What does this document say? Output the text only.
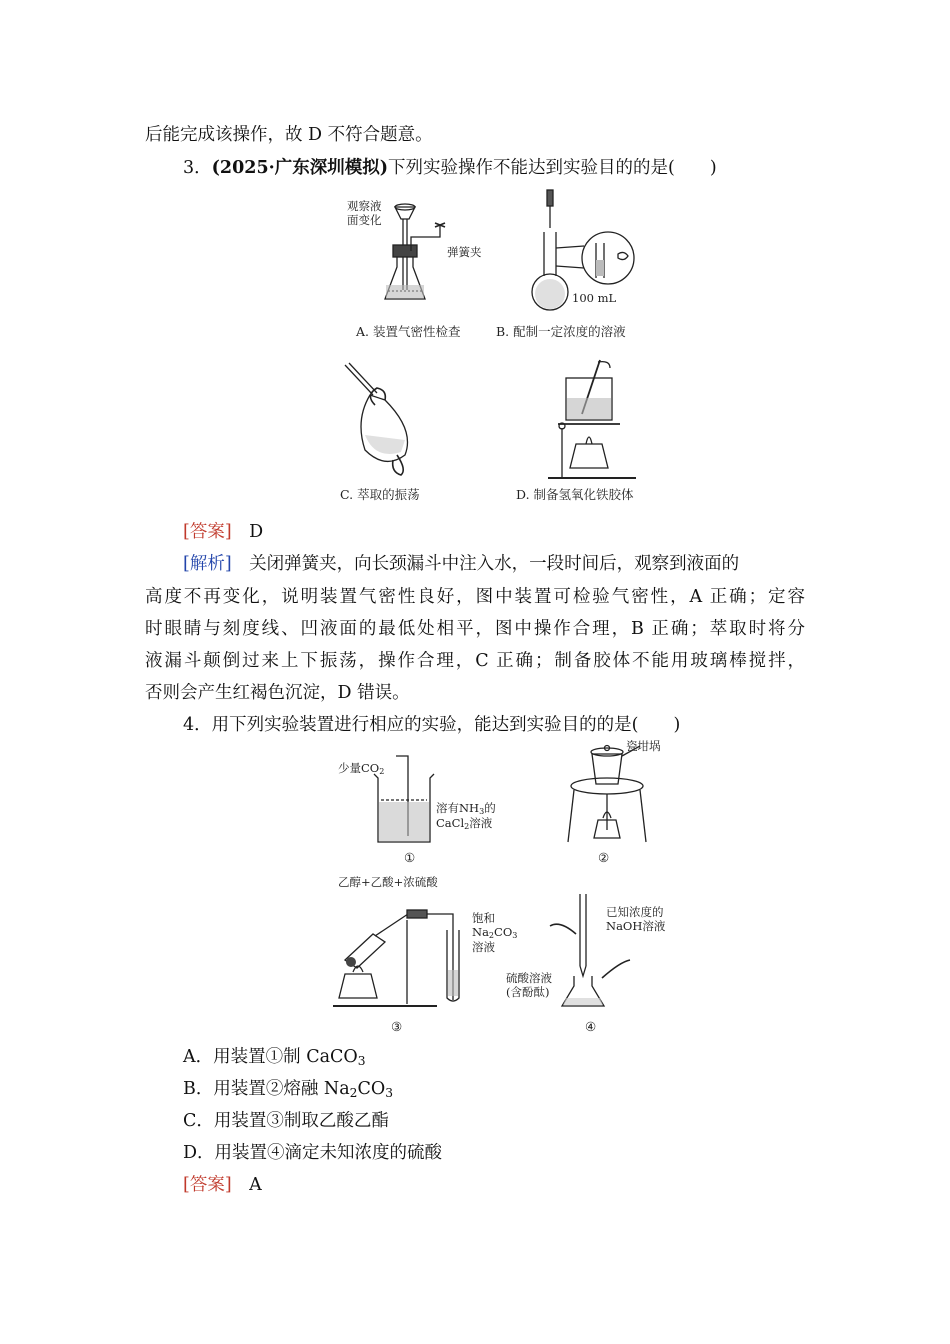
后能完成该操作，故 D 不符合题意。
3．(2025·广东深圳模拟)下列实验操作不能达到实验目的的是(　　)
观察液
面变化
弹簧夹
A. 装置气密性检查
100 mL
B. 配制一定浓度的溶液
C. 萃取的振荡	D. 制备氢氧化铁胶体
[答案]　 D
[解析]　 关闭弹簧夹，向长颈漏斗中注入水，一段时间后，观察到液面的
高度不再变化，说明装置气密性良好，图中装置可检验气密性，A 正确；定容
时眼睛与刻度线、凹液面的最低处相平，图中操作合理，B 正确；萃取时将分
液漏斗颠倒过来上下振荡，操作合理，C 正确；制备胶体不能用玻璃棒搅拌，
否则会产生红褐色沉淀，D 错误。
4．用下列实验装置进行相应的实验，能达到实验目的的是(　　)
少量$CO_2$
溶有$NH_3$的
CaCl$_2$溶液
①
瓷坩埚
②
乙醇+乙酸+浓硫酸
饱和
$Na_2CO_3$
溶液
③
已知浓度的
NaOH溶液
硫酸溶液
(含酚酞)
④
A．用装置①制 CaCO$_3$
B．用装置②熔融 $Na_2CO_3$
C．用装置③制取乙酸乙酯
D．用装置④滴定未知浓度的硫酸
[答案]　 A
